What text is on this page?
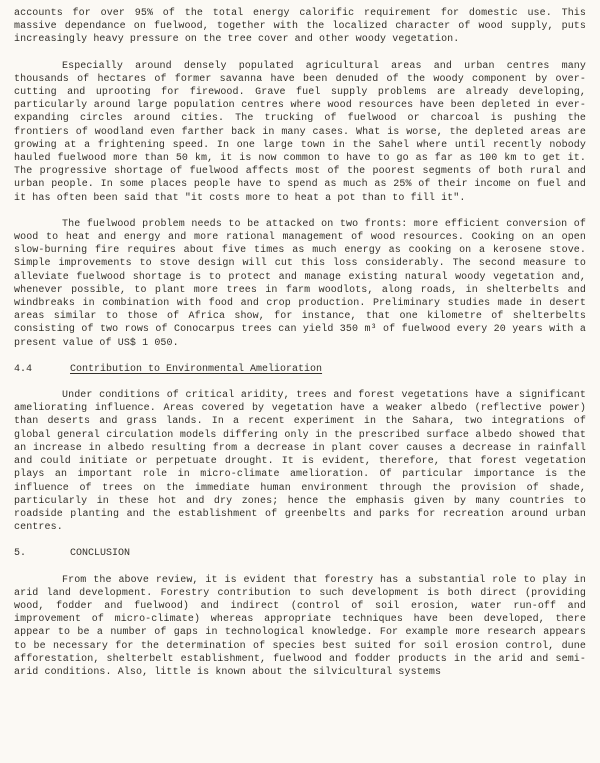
accounts for over 95% of the total energy calorific requirement for domestic use. This massive dependance on fuelwood, together with the localized character of wood supply, puts increasingly heavy pressure on the tree cover and other woody vegetation.

Especially around densely populated agricultural areas and urban centres many thousands of hectares of former savanna have been denuded of the woody component by over-cutting and uprooting for firewood. Grave fuel supply problems are already developing, particularly around large population centres where wood resources have been depleted in ever-expanding circles around cities. The trucking of fuelwood or charcoal is pushing the frontiers of woodland even farther back in many cases. What is worse, the depleted areas are growing at a frightening speed. In one large town in the Sahel where until recently nobody hauled fuelwood more than 50 km, it is now common to have to go as far as 100 km to get it. The progressive shortage of fuelwood affects most of the poorest segments of both rural and urban people. In some places people have to spend as much as 25% of their income on fuel and it has often been said that "it costs more to heat a pot than to fill it".

The fuelwood problem needs to be attacked on two fronts: more efficient conversion of wood to heat and energy and more rational management of wood resources. Cooking on an open slow-burning fire requires about five times as much energy as cooking on a kerosene stove. Simple improvements to stove design will cut this loss considerably. The second measure to alleviate fuelwood shortage is to protect and manage existing natural woody vegetation and, whenever possible, to plant more trees in farm woodlots, along roads, in shelterbelts and windbreaks in combination with food and crop production. Preliminary studies made in desert areas similar to those of Africa show, for instance, that one kilometre of shelterbelts consisting of two rows of Conocarpus trees can yield 350 m³ of fuelwood every 20 years with a present value of US$ 1 050.

4.4	Contribution to Environmental Amelioration

Under conditions of critical aridity, trees and forest vegetations have a significant ameliorating influence. Areas covered by vegetation have a weaker albedo (reflective power) than deserts and grass lands. In a recent experiment in the Sahara, two integrations of global general circulation models differing only in the prescribed surface albedo showed that an increase in albedo resulting from a decrease in plant cover causes a decrease in rainfall and could initiate or perpetuate drought. It is evident, therefore, that forest vegetation plays an important role in micro-climate amelioration. Of particular importance is the influence of trees on the immediate human environment through the provision of shade, particularly in these hot and dry zones; hence the emphasis given by many countries to roadside planting and the establishment of greenbelts and parks for recreation around urban centres.

5.	CONCLUSION

From the above review, it is evident that forestry has a substantial role to play in arid land development. Forestry contribution to such development is both direct (providing wood, fodder and fuelwood) and indirect (control of soil erosion, water run-off and improvement of micro-climate) whereas appropriate techniques have been developed, there appear to be a number of gaps in technological knowledge. For example more research appears to be necessary for the determination of species best suited for soil erosion control, dune afforestation, shelterbelt establishment, fuelwood and fodder products in the arid and semi-arid conditions. Also, little is known about the silvicultural systems
